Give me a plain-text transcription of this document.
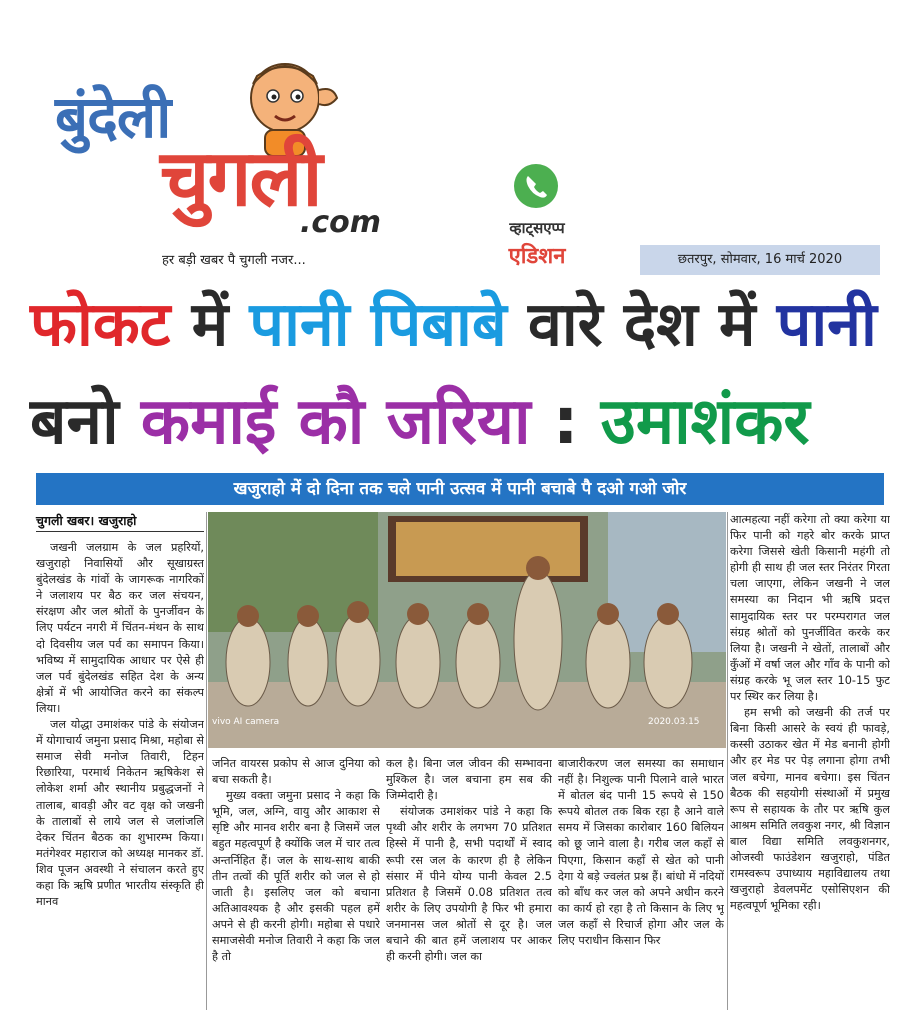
बुंदेली
चुगली
.com
हर बड़ी खबर पै चुगली नजर...
व्हाट्सएप्प
एडिशन	छतरपुर, सोमवार, 16 मार्च 2020
फोकट में पानी पिबाबे वारे देश में पानी
बनो कमाई कौ जरिया : उमाशंकर
खजुराहो में दो दिना तक चले पानी उत्सव में पानी बचाबे पै दओ गओ जोर
चुगली खबर। खजुराहो
vivo AI camera	2020.03.15

जखनी जलग्राम के जल प्रहरियों, खजुराहो निवासियों और सूखाग्रस्त बुंदेलखंड के गांवों के जागरूक नागरिकों ने जलाशय पर बैठ कर जल संचयन, संरक्षण और जल श्रोतों के पुनर्जीवन के लिए पर्यटन नगरी में चिंतन-मंथन के साथ दो दिवसीय जल पर्व का समापन किया। भविष्य में सामुदायिक आधार पर ऐसे ही जल पर्व बुंदेलखंड सहित देश के अन्य क्षेत्रों में भी आयोजित करने का संकल्प लिया।

जल योद्धा उमाशंकर पांडे के संयोजन में योगाचार्य जमुना प्रसाद मिश्रा, महोबा से समाज सेवी मनोज तिवारी, टिहन रिछारिया, परमार्थ निकेतन ऋषिकेश से लोकेश शर्मा और स्थानीय प्रबुद्धजनों ने तालाब, बावड़ी और वट वृक्ष को जखनी के तालाबों से लाये जल से जलांजलि देकर चिंतन बैठक का शुभारम्भ किया। मतंगेश्वर महाराज को अध्यक्ष मानकर डॉ. शिव पूजन अवस्थी ने संचालन करते हुए कहा कि ऋषि प्रणीत भारतीय संस्कृति ही मानव

जनित वायरस प्रकोप से आज दुनिया को बचा सकती है।

मुख्य वक्ता जमुना प्रसाद ने कहा कि भूमि, जल, अग्नि, वायु और आकाश से सृष्टि और मानव शरीर बना है जिसमें जल बहुत महत्वपूर्ण है क्योंकि जल में चार तत्व अन्तर्निहित हैं। जल के साथ-साथ बाकी तीन तत्वों की पूर्ति शरीर को जल से हो जाती है। इसलिए जल को बचाना अतिआवश्यक है और इसकी पहल हमें अपने से ही करनी होगी। महोबा से पधारे समाजसेवी मनोज तिवारी ने कहा कि जल है तो

कल है। बिना जल जीवन की सम्भावना मुश्किल है। जल बचाना हम सब की जिम्मेदारी है।

संयोजक उमाशंकर पांडे ने कहा कि पृथ्वी और शरीर के लगभग 70 प्रतिशत हिस्से में पानी है, सभी पदार्थों में स्वाद रूपी रस जल के कारण ही है लेकिन संसार में पीने योग्य पानी केवल 2.5 प्रतिशत है जिसमें 0.08 प्रतिशत तत्व शरीर के लिए उपयोगी है फिर भी हमारा जनमानस जल श्रोतों से दूर है। जल बचाने की बात हमें जलाशय पर आकर ही करनी होगी। जल का

बाजारीकरण जल समस्या का समाधान नहीं है। निशुल्क पानी पिलाने वाले भारत में बोतल बंद पानी 15 रूपये से 150 रूपये बोतल तक बिक रहा है आने वाले समय में जिसका कारोबार 160 बिलियन को छू जाने वाला है। गरीब जल कहाँ से पिएगा, किसान कहाँ से खेत को पानी देगा ये बड़े ज्वलंत प्रश्न हैं। बांधो में नदियों को बाँध कर जल को अपने अधीन करने का कार्य हो रहा है तो किसान के लिए भू जल कहाँ से रिचार्ज होगा और जल के लिए पराधीन किसान फिर

आत्महत्या नहीं करेगा तो क्या करेगा या फिर पानी को गहरे बोर करके प्राप्त करेगा जिससे खेती किसानी महंगी तो होगी ही साथ ही जल स्तर निरंतर गिरता चला जाएगा, लेकिन जखनी ने जल समस्या का निदान भी ऋषि प्रदत्त सामुदायिक स्तर पर परम्परागत जल संग्रह श्रोतों को पुनर्जीवित करके कर लिया है। जखनी ने खेतों, तालाबों और कुँओं में वर्षा जल और गाँव के पानी को संग्रह करके भू जल स्तर 10-15 फुट पर स्थिर कर लिया है।

हम सभी को जखनी की तर्ज पर बिना किसी आसरे के स्वयं ही फावड़े, कस्सी उठाकर खेत में मेड बनानी होगी और हर मेड पर पेड़ लगाना होगा तभी जल बचेगा, मानव बचेगा। इस चिंतन बैठक की सहयोगी संस्थाओं में प्रमुख रूप से सहायक के तौर पर ऋषि कुल आश्रम समिति लवकुश नगर, श्री विज्ञान बाल विद्या समिति लवकुशनगर, ओजस्वी फाउंडेशन खजुराहो, पंडित रामस्वरूप उपाध्याय महाविद्यालय तथा खजुराहो डेवलपमेंट एसोसिएशन की महत्वपूर्ण भूमिका रही।
